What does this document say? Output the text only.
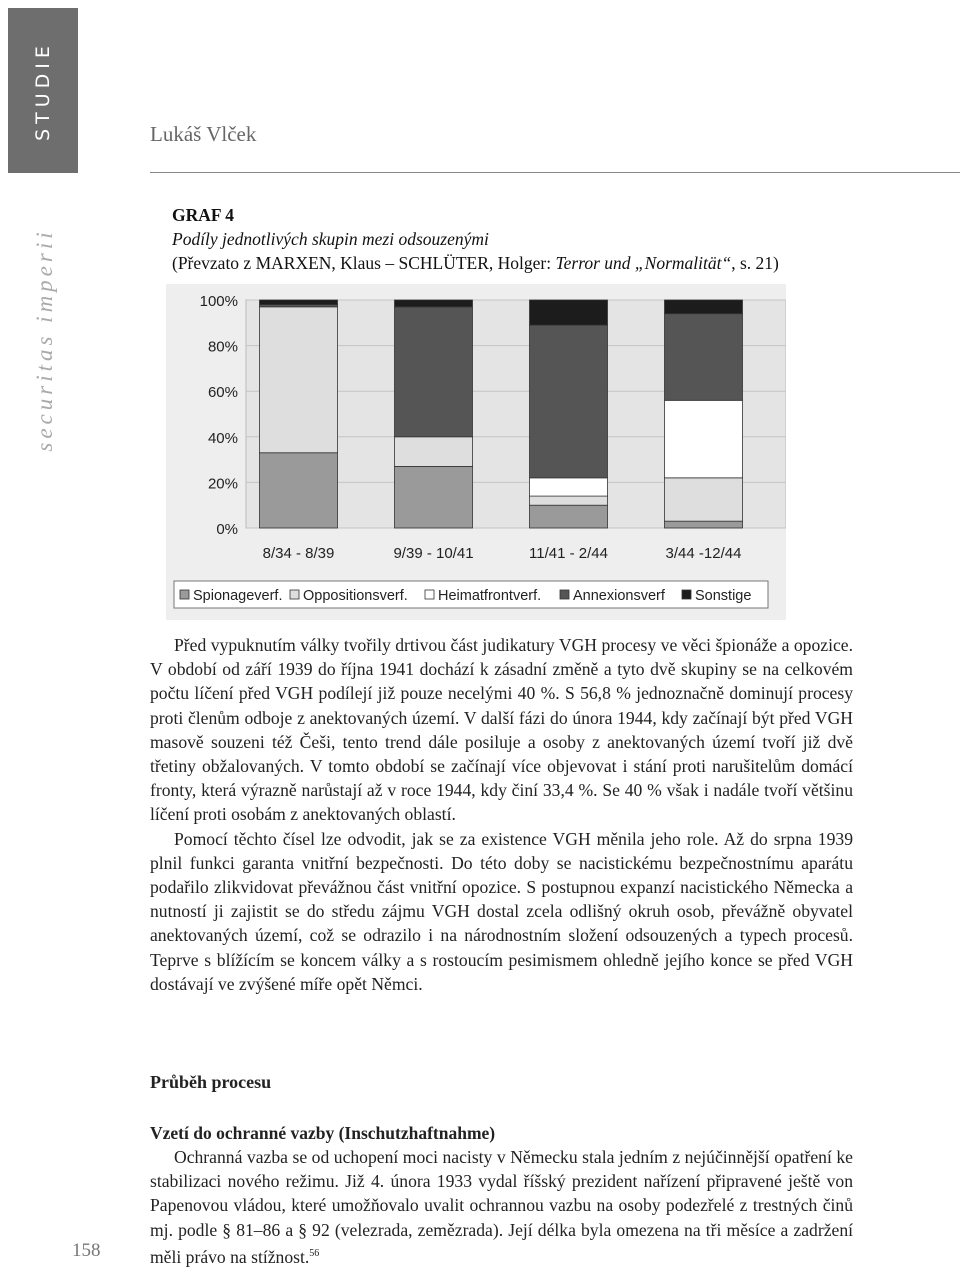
STUDIE
securitas imperii
Lukáš Vlček
GRAF 4
Podíly jednotlivých skupin mezi odsouzenými
(Převzato z MARXEN, Klaus – SCHLÜTER, Holger: Terror und „Normalität“, s. 21)
0%
20%
40%
60%
80%
100%
8/34 - 8/39	9/39 - 10/41	11/41 - 2/44	3/44 -12/44
Spionageverf. Oppositionsverf. Heimatfrontverf. Annexionsverf Sonstige

Před vypuknutím války tvořily drtivou část judikatury VGH procesy ve věci špionáže a opozice. V období od září 1939 do října 1941 dochází k zásadní změně a tyto dvě skupiny se na celkovém počtu líčení před VGH podílejí již pouze necelými 40 %. S 56,8 % jednoznačně dominují procesy proti členům odboje z anektovaných území. V další fázi do února 1944, kdy začínají být před VGH masově souzeni též Češi, tento trend dále posiluje a osoby z anektovaných území tvoří již dvě třetiny obžalovaných. V tomto období se začínají více objevovat i stání proti narušitelům domácí fronty, která výrazně narůstají až v roce 1944, kdy činí 33,4 %. Se 40 % však i nadále tvoří většinu líčení proti osobám z anektovaných oblastí.

Pomocí těchto čísel lze odvodit, jak se za existence VGH měnila jeho role. Až do srpna 1939 plnil funkci garanta vnitřní bezpečnosti. Do této doby se nacistickému bezpečnostnímu aparátu podařilo zlikvidovat převážnou část vnitřní opozice. S postupnou expanzí nacistického Německa a nutností ji zajistit se do středu zájmu VGH dostal zcela odlišný okruh osob, převážně obyvatel anektovaných území, což se odrazilo i na národnostním složení odsouzených a typech procesů. Teprve s blížícím se koncem války a s rostoucím pesimismem ohledně jejího konce se před VGH dostávají ve zvýšené míře opět Němci.

Průběh procesu
Vzetí do ochranné vazby (Inschutzhaftnahme)

Ochranná vazba se od uchopení moci nacisty v Německu stala jedním z nejúčinnější opatření ke stabilizaci nového režimu. Již 4. února 1933 vydal říšský prezident nařízení připravené ještě von Papenovou vládou, které umožňovalo uvalit ochrannou vazbu na osoby podezřelé z trestných činů mj. podle § 81–86 a § 92 (velezrada, zemězrada). Její délka byla omezena na tři měsíce a zadržení měli právo na stížnost.$^{56}$

158
